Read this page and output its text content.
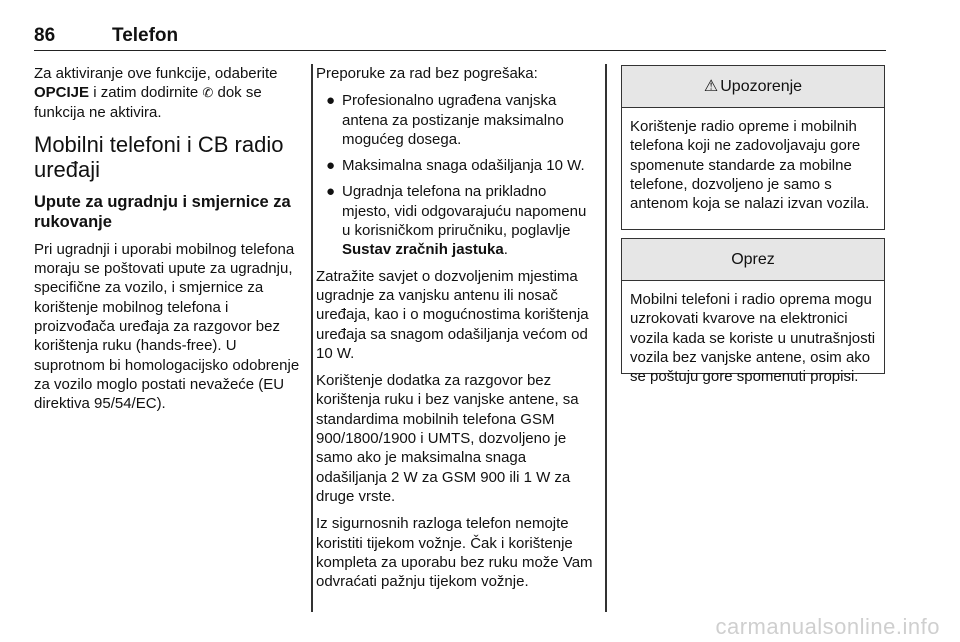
86	Telefon

Za aktiviranje ove funkcije, odaberite OPCIJE i zatim dodirnite ✆ dok se funkcija ne aktivira.

Mobilni telefoni i CB radio uređaji
Upute za ugradnju i smjernice za rukovanje

Pri ugradnji i uporabi mobilnog telefona moraju se poštovati upute za ugradnju, specifične za vozilo, i smjernice za korištenje mobilnog telefona i proizvođača uređaja za razgovor bez korištenja ruku (hands-free). U suprotnom bi homologacijsko odobrenje za vozilo moglo postati nevažeće (EU direktiva 95/54/EC).

Preporuke za rad bez pogrešaka:

● Profesionalno ugrađena vanjska antena za postizanje maksimalno mogućeg dosega.
● Maksimalna snaga odašiljanja 10 W.
● Ugradnja telefona na prikladno mjesto, vidi odgovarajuću napomenu u korisničkom priručniku, poglavlje Sustav zračnih jastuka.

Zatražite savjet o dozvoljenim mjestima ugradnje za vanjsku antenu ili nosač uređaja, kao i o mogućnostima korištenja uređaja sa snagom odašiljanja većom od 10 W.

Korištenje dodatka za razgovor bez korištenja ruku i bez vanjske antene, sa standardima mobilnih telefona GSM 900/1800/1900 i UMTS, dozvoljeno je samo ako je maksimalna snaga odašiljanja 2 W za GSM 900 ili 1 W za druge vrste.

Iz sigurnosnih razloga telefon nemojte koristiti tijekom vožnje. Čak i korištenje kompleta za uporabu bez ruku može Vam odvraćati pažnju tijekom vožnje.

⚠ Upozorenje
Korištenje radio opreme i mobilnih telefona koji ne zadovoljavaju gore spomenute standarde za mobilne telefone, dozvoljeno je samo s antenom koja se nalazi izvan vozila.
Oprez
Mobilni telefoni i radio oprema mogu uzrokovati kvarove na elektronici vozila kada se koriste u unutrašnjosti vozila bez vanjske antene, osim ako se poštuju gore spomenuti propisi.
carmanualsonline.info
